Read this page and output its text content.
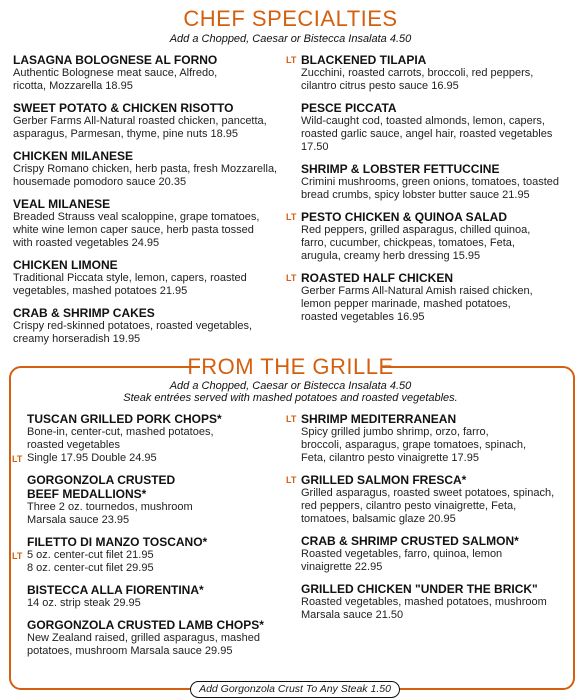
CHEF SPECIALTIES
Add a Chopped, Caesar or Bistecca Insalata 4.50
LASAGNA BOLOGNESE AL FORNO
Authentic Bolognese meat sauce, Alfredo,
ricotta, Mozzarella 18.95
SWEET POTATO & CHICKEN RISOTTO
Gerber Farms All-Natural roasted chicken, pancetta,
asparagus, Parmesan, thyme, pine nuts 18.95
CHICKEN MILANESE
Crispy Romano chicken, herb pasta, fresh Mozzarella,
housemade pomodoro sauce 20.35
VEAL MILANESE
Breaded Strauss veal scaloppine, grape tomatoes,
white wine lemon caper sauce, herb pasta tossed
with roasted vegetables 24.95
CHICKEN LIMONE
Traditional Piccata style, lemon, capers, roasted
vegetables, mashed potatoes 21.95
CRAB & SHRIMP CAKES
Crispy red-skinned potatoes, roasted vegetables,
creamy horseradish 19.95
BLACKENED TILAPIA
LT
Zucchini, roasted carrots, broccoli, red peppers,
cilantro citrus pesto sauce 16.95
PESCE PICCATA
Wild-caught cod, toasted almonds, lemon, capers,
roasted garlic sauce, angel hair, roasted vegetables
17.50
SHRIMP & LOBSTER FETTUCCINE
Crimini mushrooms, green onions, tomatoes, toasted
bread crumbs, spicy lobster butter sauce 21.95
PESTO CHICKEN & QUINOA SALAD
LT
Red peppers, grilled asparagus, chilled quinoa,
farro, cucumber, chickpeas, tomatoes, Feta,
arugula, creamy herb dressing 15.95
ROASTED HALF CHICKEN
LT
Gerber Farms All-Natural Amish raised chicken,
lemon pepper marinade, mashed potatoes,
roasted vegetables 16.95
FROM THE GRILLE
Add a Chopped, Caesar or Bistecca Insalata 4.50
Steak entrées served with mashed potatoes and roasted vegetables.
TUSCAN GRILLED PORK CHOPS*
Bone-in, center-cut, mashed potatoes,
roasted vegetables
Single 17.95 Double 24.95
LT
GORGONZOLA CRUSTED
BEEF MEDALLIONS*
Three 2 oz. tournedos, mushroom
Marsala sauce 23.95
FILETTO DI MANZO TOSCANO*
5 oz. center-cut filet 21.95
LT
8 oz. center-cut filet 29.95
BISTECCA ALLA FIORENTINA*
14 oz. strip steak 29.95
GORGONZOLA CRUSTED LAMB CHOPS*
New Zealand raised, grilled asparagus, mashed
potatoes, mushroom Marsala sauce 29.95
SHRIMP MEDITERRANEAN
LT
Spicy grilled jumbo shrimp, orzo, farro,
broccoli, asparagus, grape tomatoes, spinach,
Feta, cilantro pesto vinaigrette 17.95
GRILLED SALMON FRESCA*
LT
Grilled asparagus, roasted sweet potatoes, spinach,
red peppers, cilantro pesto vinaigrette, Feta,
tomatoes, balsamic glaze 20.95
CRAB & SHRIMP CRUSTED SALMON*
Roasted vegetables, farro, quinoa, lemon
vinaigrette 22.95
GRILLED CHICKEN "UNDER THE BRICK"
Roasted vegetables, mashed potatoes, mushroom
Marsala sauce 21.50
Add Gorgonzola Crust To Any Steak 1.50
